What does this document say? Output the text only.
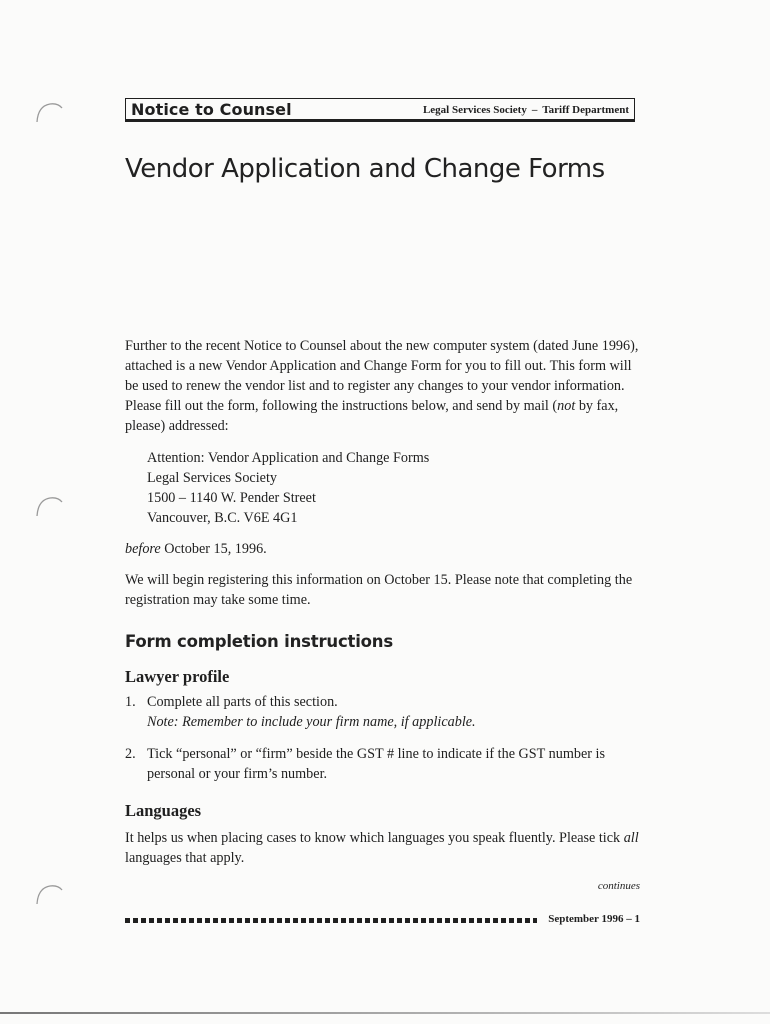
Notice to Counsel	Legal Services Society – Tariff Department
Vendor Application and Change Forms

Further to the recent Notice to Counsel about the new computer system (dated June 1996), attached is a new Vendor Application and Change Form for you to fill out. This form will be used to renew the vendor list and to register any changes to your vendor information. Please fill out the form, following the instructions below, and send by mail (not by fax, please) addressed:

Attention: Vendor Application and Change Forms
Legal Services Society
1500 – 1140 W. Pender Street
Vancouver, B.C. V6E 4G1

before October 15, 1996.

We will begin registering this information on October 15. Please note that completing the registration may take some time.

Form completion instructions
Lawyer profile
1. Complete all parts of this section.
Note: Remember to include your firm name, if applicable.
2. Tick “personal” or “firm” beside the GST # line to indicate if the GST number is personal or your firm’s number.
Languages

It helps us when placing cases to know which languages you speak fluently. Please tick all languages that apply.

continues
September 1996 – 1
